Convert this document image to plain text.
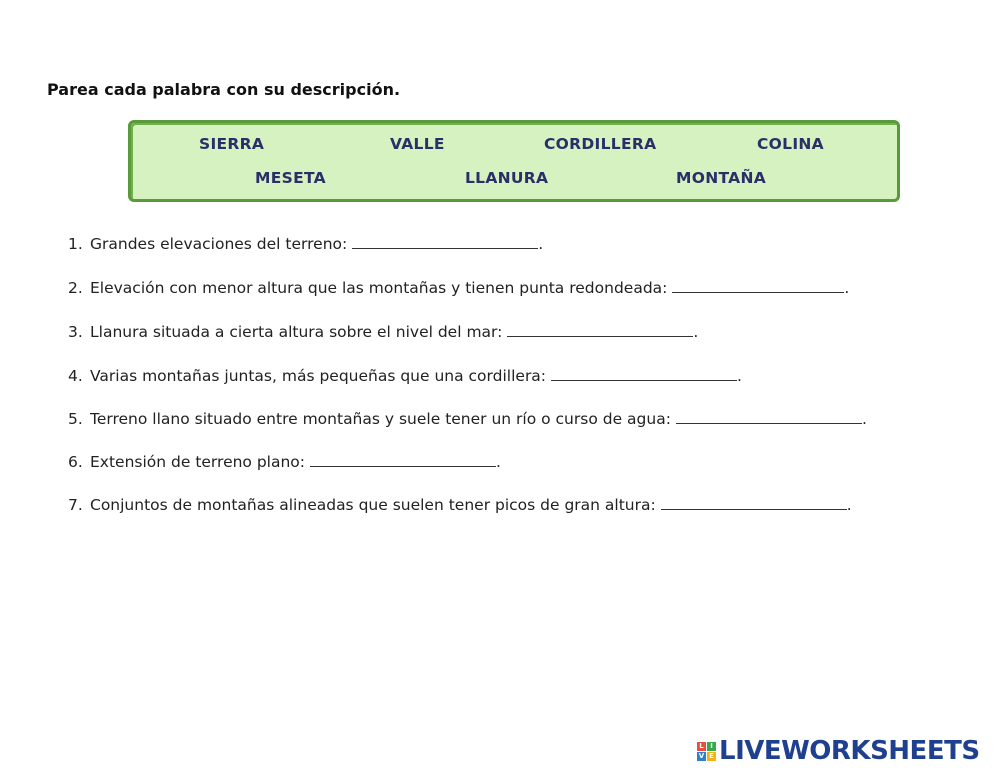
Parea cada palabra con su descripción.

SIERRA	VALLE	CORDILLERA	COLINA
MESETA	LLANURA	MONTAÑA
1. Grandes elevaciones del terreno:	.
2. Elevación con menor altura que las montañas y tienen punta redondeada:	.
3. Llanura situada a cierta altura sobre el nivel del mar:	.
4. Varias montañas juntas, más pequeñas que una cordillera:	.
5. Terreno llano situado entre montañas y suele tener un río o curso de agua:	.
6. Extensión de terreno plano:	.
7. Conjuntos de montañas alineadas que suelen tener picos de gran altura:	.
L I
V E LIVEWORKSHEETS
